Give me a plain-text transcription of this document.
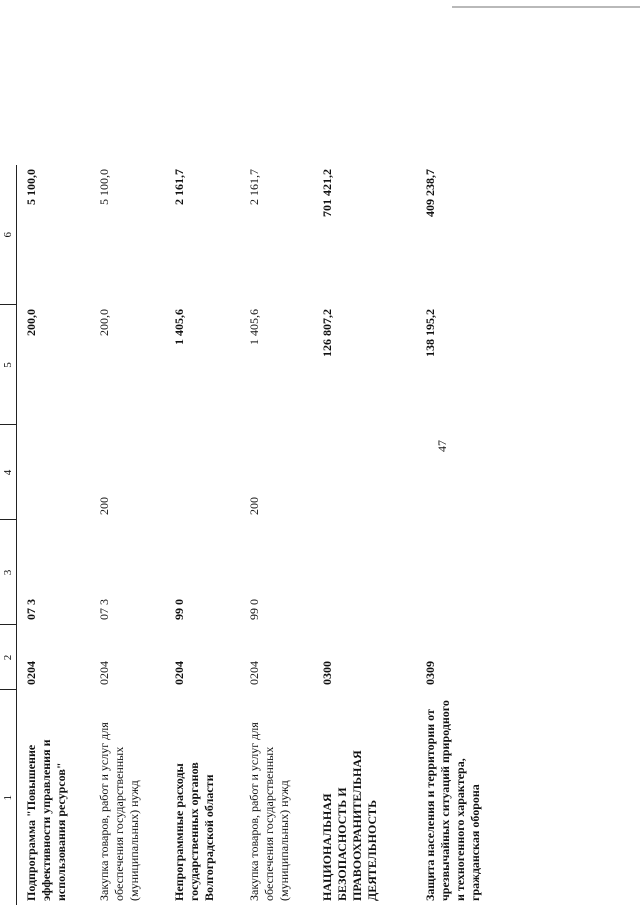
47
1	2	3	4	5	6
Подпрограмма "Повышение эффективности управления и использования ресурсов"	0204	07 3		200,0	5 100,0
Закупка товаров, работ и услуг для обеспечения государственных (муниципальных) нужд	0204	07 3	200	200,0	5 100,0
Непрограммные расходы государственных органов Волгоградской области	0204	99 0		1 405,6	2 161,7
Закупка товаров, работ и услуг для обеспечения государственных (муниципальных) нужд	0204	99 0	200	1 405,6	2 161,7
НАЦИОНАЛЬНАЯ БЕЗОПАСНОСТЬ И ПРАВООХРАНИТЕЛЬНАЯ ДЕЯТЕЛЬНОСТЬ	0300			126 807,2	701 421,2
Защита населения и территории от чрезвычайных ситуаций природного и техногенного характера, гражданская оборона	0309			138 195,2	409 238,7
